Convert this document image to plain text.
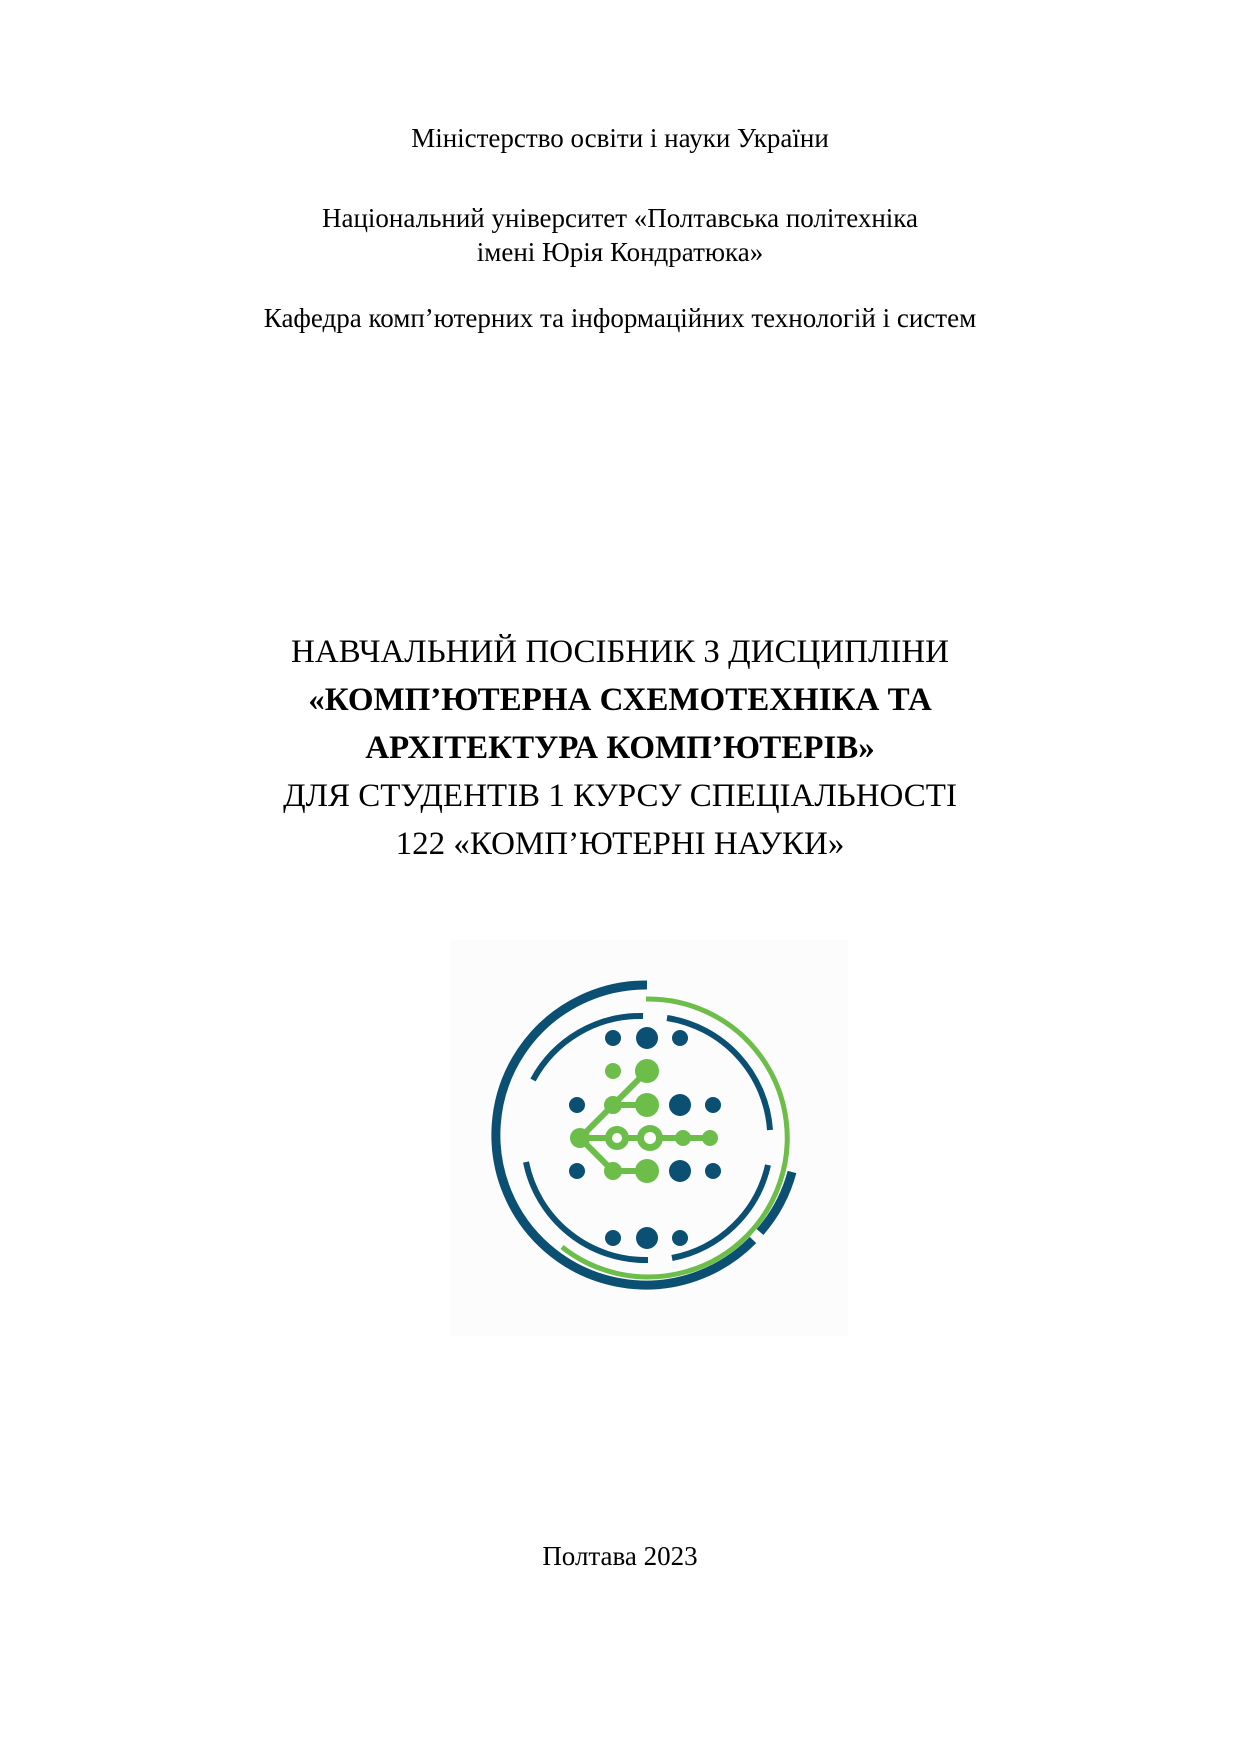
Міністерство освіти і науки України
Національний університет «Полтавська політехніка
імені Юрія Кондратюка»
Кафедра комп’ютерних та інформаційних технологій і систем
НАВЧАЛЬНИЙ ПОСІБНИК З ДИСЦИПЛІНИ
«КОМП’ЮТЕРНА СХЕМОТЕХНІКА ТА
АРХІТЕКТУРА КОМП’ЮТЕРІВ»
ДЛЯ СТУДЕНТІВ 1 КУРСУ СПЕЦІАЛЬНОСТІ
122 «КОМП’ЮТЕРНІ НАУКИ»
Полтава 2023
